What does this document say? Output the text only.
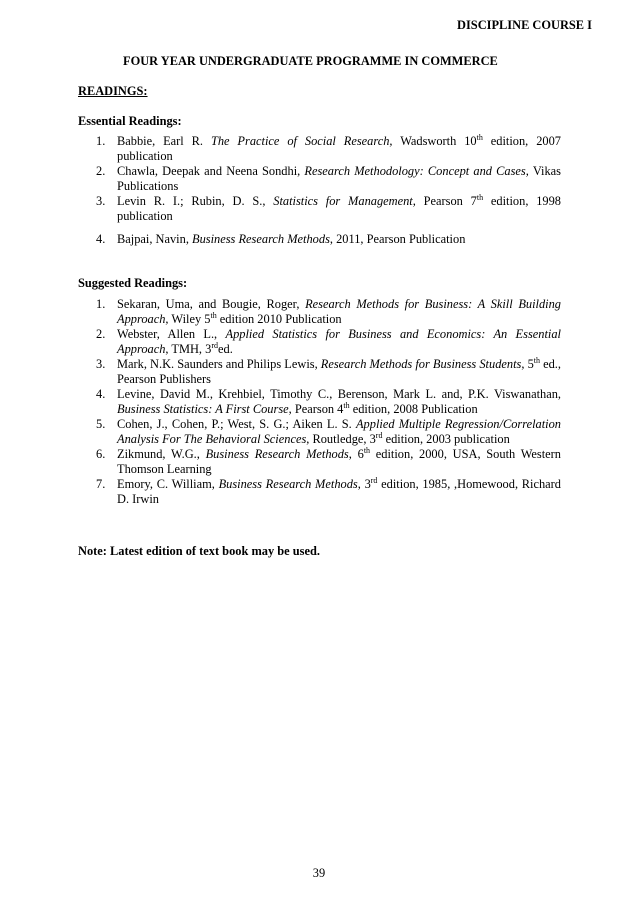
DISCIPLINE COURSE I
FOUR YEAR UNDERGRADUATE PROGRAMME IN COMMERCE
READINGS:
Essential Readings:
1. Babbie, Earl R. The Practice of Social Research, Wadsworth 10th edition, 2007 publication
2. Chawla, Deepak and Neena Sondhi, Research Methodology: Concept and Cases, Vikas Publications
3. Levin R. I.; Rubin, D. S., Statistics for Management, Pearson 7th edition, 1998 publication
4. Bajpai, Navin, Business Research Methods, 2011, Pearson Publication
Suggested Readings:
1. Sekaran, Uma, and Bougie, Roger, Research Methods for Business: A Skill Building Approach, Wiley 5th edition 2010 Publication
2. Webster, Allen L., Applied Statistics for Business and Economics: An Essential Approach, TMH, 3rded.
3. Mark, N.K. Saunders and Philips Lewis, Research Methods for Business Students, 5th ed., Pearson Publishers
4. Levine, David M., Krehbiel, Timothy C., Berenson, Mark L. and, P.K. Viswanathan, Business Statistics: A First Course, Pearson 4th edition, 2008 Publication
5. Cohen, J., Cohen, P.; West, S. G.; Aiken L. S. Applied Multiple Regression/Correlation Analysis For The Behavioral Sciences, Routledge, 3rd edition, 2003 publication
6. Zikmund, W.G., Business Research Methods, 6th edition, 2000, USA, South Western Thomson Learning
7. Emory, C. William, Business Research Methods, 3rd edition, 1985, ,Homewood, Richard D. Irwin
Note: Latest edition of text book may be used.
39
